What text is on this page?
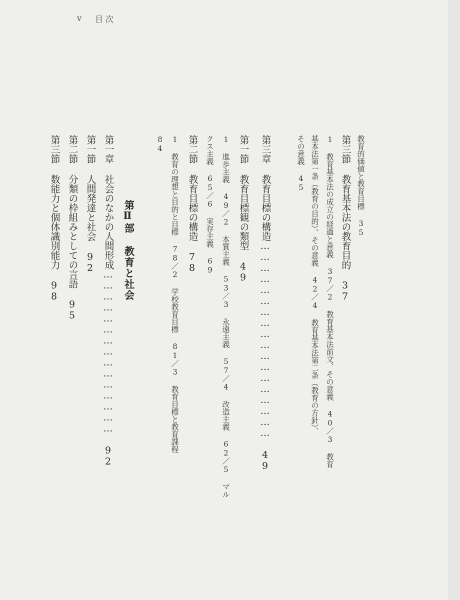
v 目 次
教育的価値と教育目標 35
第三節 教育基本法の教育目的 37
1 教育基本法の成立の経過と意義 37／2 教育基本法前文、その意義 40／3 教育
基本法第一条（教育の目的）、その意義 42／4 教育基本法第二条（教育の方針）、
その意義 45
第三章 教育目標の構造……………………………………………… 49
第一節 教育目標観の類型 49
1 進歩主義 49／2 本質主義 53／3 永遠主義 57／4 改造主義 62／5 マル
クス主義 65／6 実存主義 69
第二節 教育目標の構造 78
1 教育の理想と目的と目標 78／2 学校教育目標 81／3 教育目標と教育課程
84
第Ⅱ部 教育と社会
第一章 社会のなかの人間形成……………………………………… 92
第一節 人間発達と社会 92
第二節 分類の枠組みとしての言語 95
第三節 数能力と個体識別能力 98
